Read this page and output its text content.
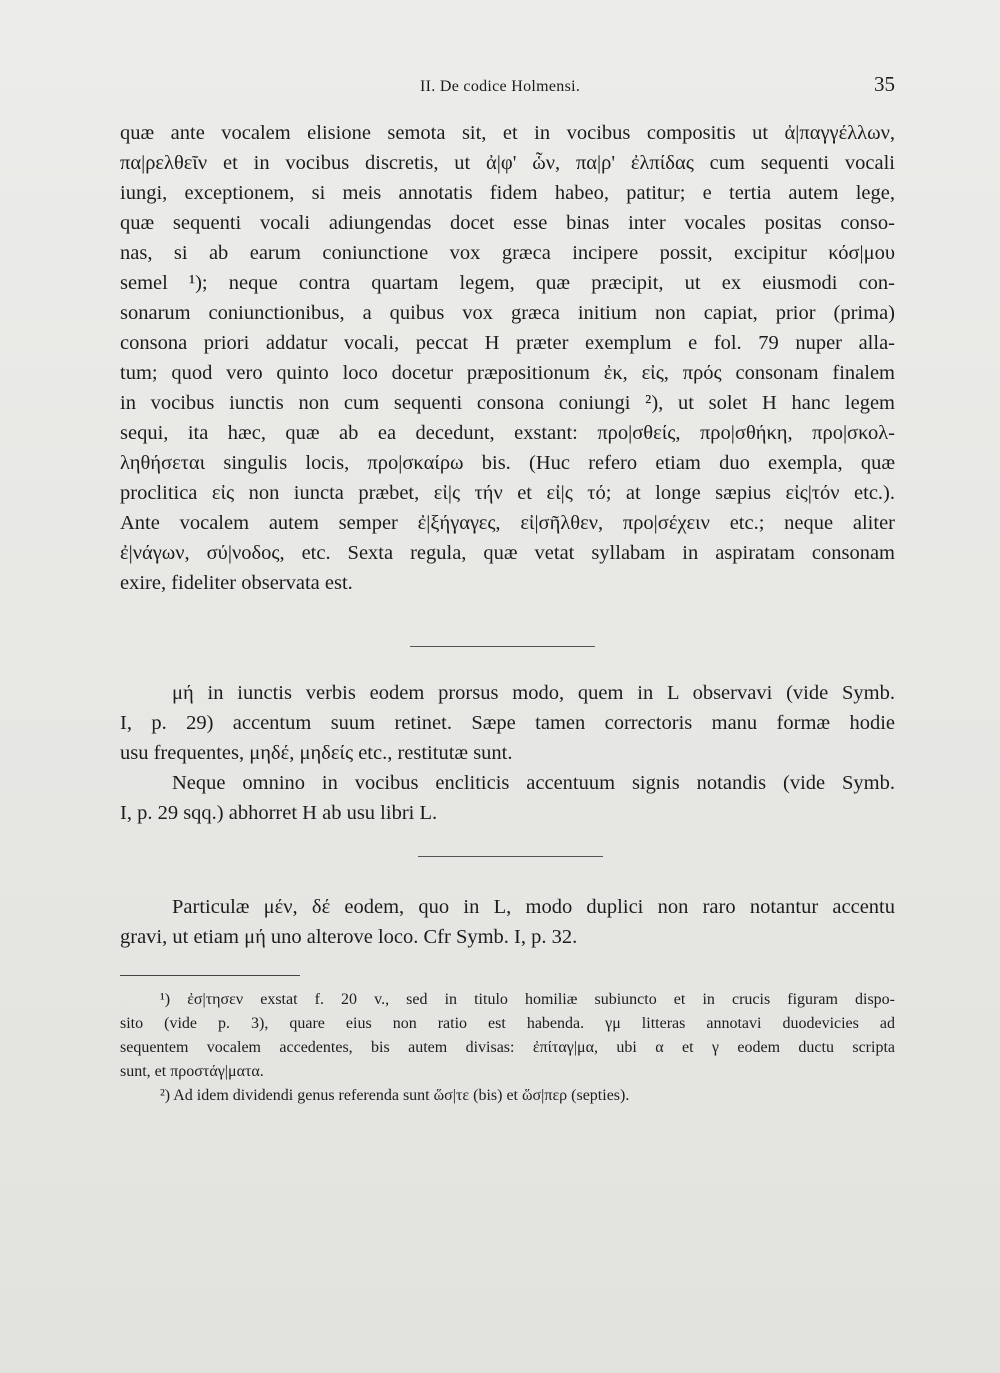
II. De codice Holmensi.	35
quæ ante vocalem elisione semota sit, et in vocibus compositis ut ἀ|παγγέλλων,
πα|ρελθεῖν et in vocibus discretis, ut ἀ|φ' ὧν, πα|ρ' ἐλπίδας cum sequenti vocali
iungi, exceptionem, si meis annotatis fidem habeo, patitur; e tertia autem lege,
quæ sequenti vocali adiungendas docet esse binas inter vocales positas conso-
nas, si ab earum coniunctione vox græca incipere possit, excipitur κόσ|μου
semel ¹); neque contra quartam legem, quæ præcipit, ut ex eiusmodi con-
sonarum coniunctionibus, a quibus vox græca initium non capiat, prior (prima)
consona priori addatur vocali, peccat H præter exemplum e fol. 79 nuper alla-
tum; quod vero quinto loco docetur præpositionum ἐκ, εἰς, πρός consonam finalem
in vocibus iunctis non cum sequenti consona coniungi ²), ut solet H hanc legem
sequi, ita hæc, quæ ab ea decedunt, exstant: προ|σθείς, προ|σθήκη, προ|σκολ-
ληθήσεται singulis locis, προ|σκαίρω bis. (Huc refero etiam duo exempla, quæ
proclitica εἰς non iuncta præbet, εἰ|ς τήν et εἰ|ς τό; at longe sæpius εἰς|τόν etc.).
Ante vocalem autem semper ἐ|ξήγαγες, εἰ|σῆλθεν, προ|σέχειν etc.; neque aliter
ἐ|νάγων, σύ|νοδος, etc. Sexta regula, quæ vetat syllabam in aspiratam consonam
exire, fideliter observata est.
μή in iunctis verbis eodem prorsus modo, quem in L observavi (vide Symb.
I, p. 29) accentum suum retinet. Sæpe tamen correctoris manu formæ hodie
usu frequentes, μηδέ, μηδείς etc., restitutæ sunt.
Neque omnino in vocibus encliticis accentuum signis notandis (vide Symb.
I, p. 29 sqq.) abhorret H ab usu libri L.
Particulæ μέν, δέ eodem, quo in L, modo duplici non raro notantur accentu
gravi, ut etiam μή uno alterove loco. Cfr Symb. I, p. 32.
¹) ἐσ|τησεν exstat f. 20 v., sed in titulo homiliæ subiuncto et in crucis figuram dispo-
sito (vide p. 3), quare eius non ratio est habenda. γμ litteras annotavi duodevicies ad
sequentem vocalem accedentes, bis autem divisas: ἐπίταγ|μα, ubi α et γ eodem ductu scripta
sunt, et προστάγ|ματα.
²) Ad idem dividendi genus referenda sunt ὥσ|τε (bis) et ὥσ|περ (septies).
